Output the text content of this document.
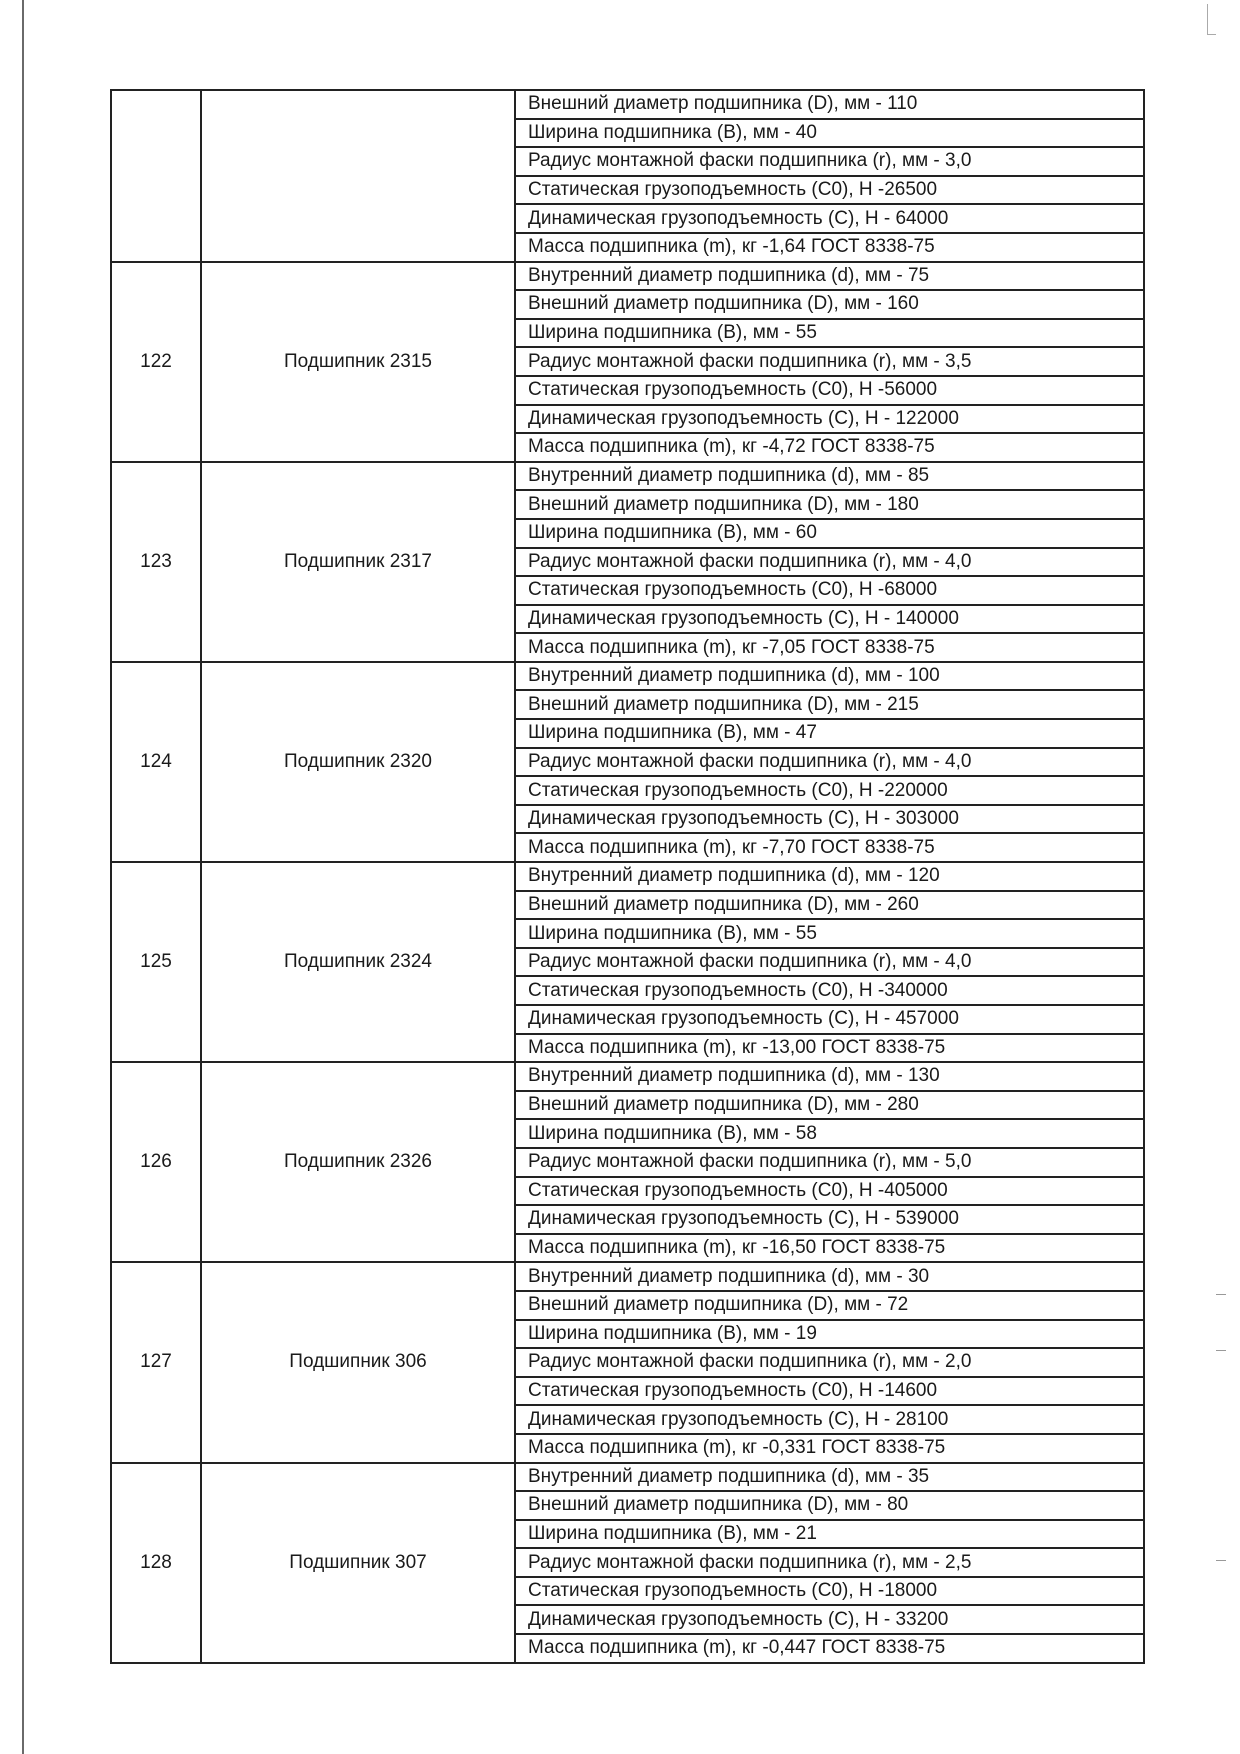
		Внешний диаметр подшипника (D), мм - 110
		Ширина подшипника (B), мм - 40
		Радиус монтажной фаски подшипника (r), мм - 3,0
		Статическая грузоподъемность (C0), Н -26500
		Динамическая грузоподъемность (C), Н - 64000
		Масса подшипника (m), кг -1,64 ГОСТ 8338-75
122	Подшипник 2315	Внутренний диаметр подшипника (d), мм - 75
		Внешний диаметр подшипника (D), мм - 160
		Ширина подшипника (B), мм - 55
		Радиус монтажной фаски подшипника (r), мм - 3,5
		Статическая грузоподъемность (C0), Н -56000
		Динамическая грузоподъемность (C), Н - 122000
		Масса подшипника (m), кг -4,72 ГОСТ 8338-75
123	Подшипник 2317	Внутренний диаметр подшипника (d), мм - 85
		Внешний диаметр подшипника (D), мм - 180
		Ширина подшипника (B), мм - 60
		Радиус монтажной фаски подшипника (r), мм - 4,0
		Статическая грузоподъемность (C0), Н -68000
		Динамическая грузоподъемность (C), Н - 140000
		Масса подшипника (m), кг -7,05 ГОСТ 8338-75
124	Подшипник 2320	Внутренний диаметр подшипника (d), мм - 100
		Внешний диаметр подшипника (D), мм - 215
		Ширина подшипника (B), мм - 47
		Радиус монтажной фаски подшипника (r), мм - 4,0
		Статическая грузоподъемность (C0), Н -220000
		Динамическая грузоподъемность (C), Н - 303000
		Масса подшипника (m), кг -7,70 ГОСТ 8338-75
125	Подшипник 2324	Внутренний диаметр подшипника (d), мм - 120
		Внешний диаметр подшипника (D), мм - 260
		Ширина подшипника (B), мм - 55
		Радиус монтажной фаски подшипника (r), мм - 4,0
		Статическая грузоподъемность (C0), Н -340000
		Динамическая грузоподъемность (C), Н - 457000
		Масса подшипника (m), кг -13,00 ГОСТ 8338-75
126	Подшипник 2326	Внутренний диаметр подшипника (d), мм - 130
		Внешний диаметр подшипника (D), мм - 280
		Ширина подшипника (B), мм - 58
		Радиус монтажной фаски подшипника (r), мм - 5,0
		Статическая грузоподъемность (C0), Н -405000
		Динамическая грузоподъемность (C), Н - 539000
		Масса подшипника (m), кг -16,50 ГОСТ 8338-75
127	Подшипник 306	Внутренний диаметр подшипника (d), мм - 30
		Внешний диаметр подшипника (D), мм - 72
		Ширина подшипника (B), мм - 19
		Радиус монтажной фаски подшипника (r), мм - 2,0
		Статическая грузоподъемность (C0), Н -14600
		Динамическая грузоподъемность (C), Н - 28100
		Масса подшипника (m), кг -0,331 ГОСТ 8338-75
128	Подшипник 307	Внутренний диаметр подшипника (d), мм - 35
		Внешний диаметр подшипника (D), мм - 80
		Ширина подшипника (B), мм - 21
		Радиус монтажной фаски подшипника (r), мм - 2,5
		Статическая грузоподъемность (C0), Н -18000
		Динамическая грузоподъемность (C), Н - 33200
		Масса подшипника (m), кг -0,447 ГОСТ 8338-75
